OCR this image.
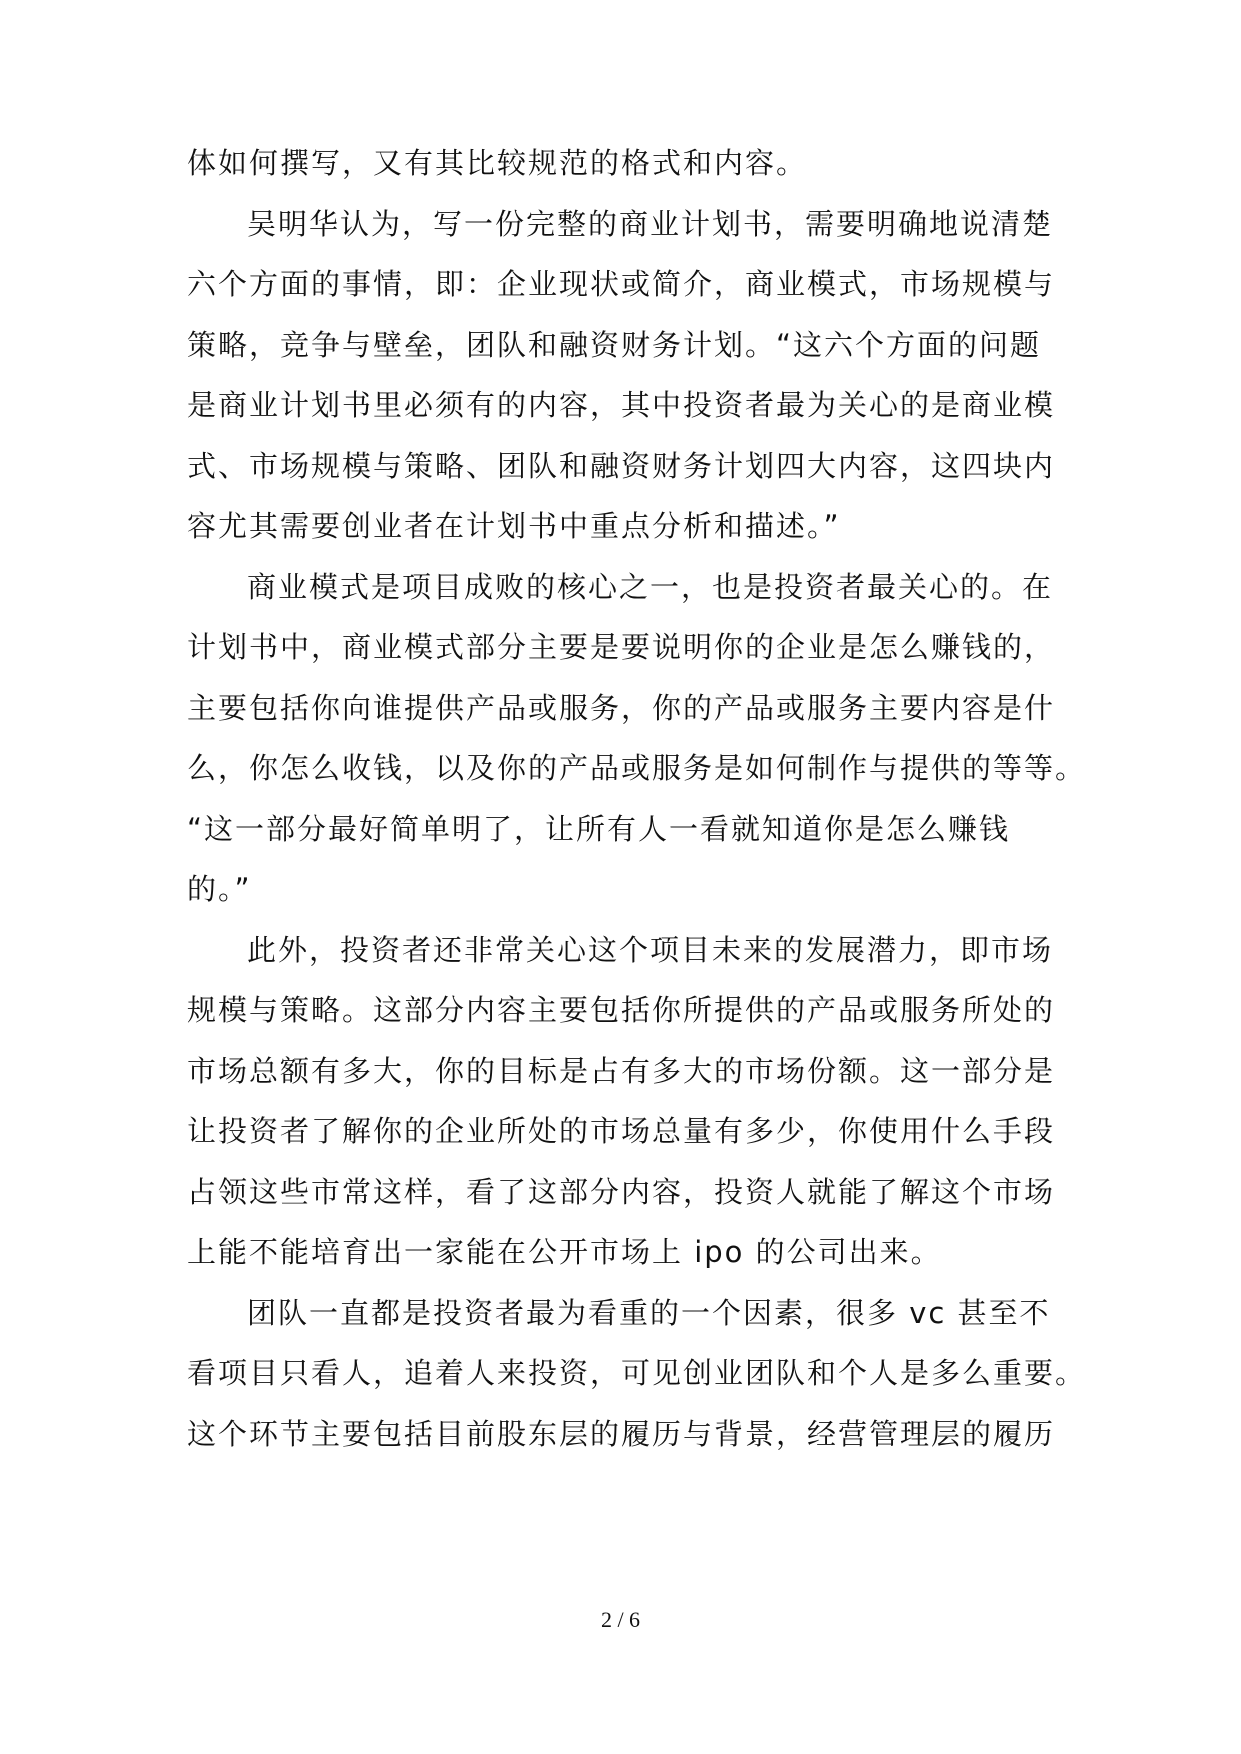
体如何撰写，又有其比较规范的格式和内容。

吴明华认为，写一份完整的商业计划书，需要明确地说清楚

六个方面的事情，即：企业现状或简介，商业模式，市场规模与

策略，竞争与壁垒，团队和融资财务计划。“这六个方面的问题

是商业计划书里必须有的内容，其中投资者最为关心的是商业模

式、市场规模与策略、团队和融资财务计划四大内容，这四块内

容尤其需要创业者在计划书中重点分析和描述。”

商业模式是项目成败的核心之一，也是投资者最关心的。在

计划书中，商业模式部分主要是要说明你的企业是怎么赚钱的，

主要包括你向谁提供产品或服务，你的产品或服务主要内容是什

么，你怎么收钱，以及你的产品或服务是如何制作与提供的等等。

“这一部分最好简单明了，让所有人一看就知道你是怎么赚钱

的。”

此外，投资者还非常关心这个项目未来的发展潜力，即市场

规模与策略。这部分内容主要包括你所提供的产品或服务所处的

市场总额有多大，你的目标是占有多大的市场份额。这一部分是

让投资者了解你的企业所处的市场总量有多少，你使用什么手段

占领这些市常这样，看了这部分内容，投资人就能了解这个市场

上能不能培育出一家能在公开市场上 ipo 的公司出来。

团队一直都是投资者最为看重的一个因素，很多 vc 甚至不

看项目只看人，追着人来投资，可见创业团队和个人是多么重要。

这个环节主要包括目前股东层的履历与背景，经营管理层的履历

2 / 6
